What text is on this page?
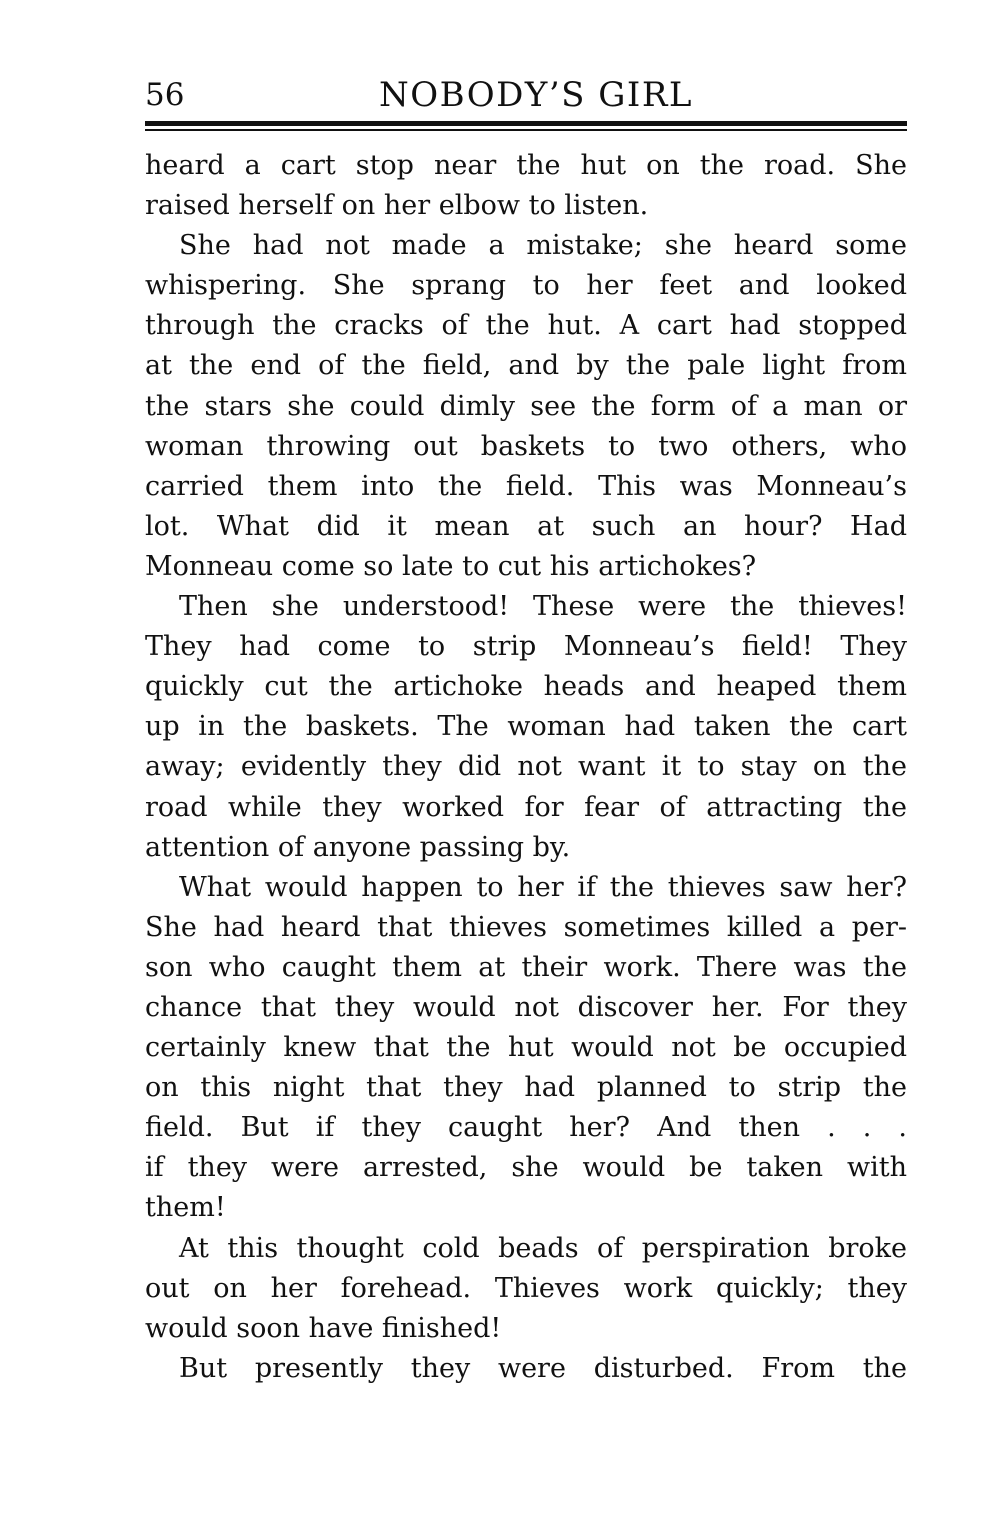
56	NOBODY’S GIRL
heard a cart stop near the hut on the road. She
raised herself on her elbow to listen.
She had not made a mistake; she heard some
whispering. She sprang to her feet and looked
through the cracks of the hut. A cart had stopped
at the end of the field, and by the pale light from
the stars she could dimly see the form of a man or
woman throwing out baskets to two others, who
carried them into the field. This was Monneau’s
lot. What did it mean at such an hour? Had
Monneau come so late to cut his artichokes?
Then she understood! These were the thieves!
They had come to strip Monneau’s field! They
quickly cut the artichoke heads and heaped them
up in the baskets. The woman had taken the cart
away; evidently they did not want it to stay on the
road while they worked for fear of attracting the
attention of anyone passing by.
What would happen to her if the thieves saw her?
She had heard that thieves sometimes killed a per-
son who caught them at their work. There was the
chance that they would not discover her. For they
certainly knew that the hut would not be occupied
on this night that they had planned to strip the
field. But if they caught her? And then . . .
if they were arrested, she would be taken with
them!
At this thought cold beads of perspiration broke
out on her forehead. Thieves work quickly; they
would soon have finished!
But presently they were disturbed. From the
